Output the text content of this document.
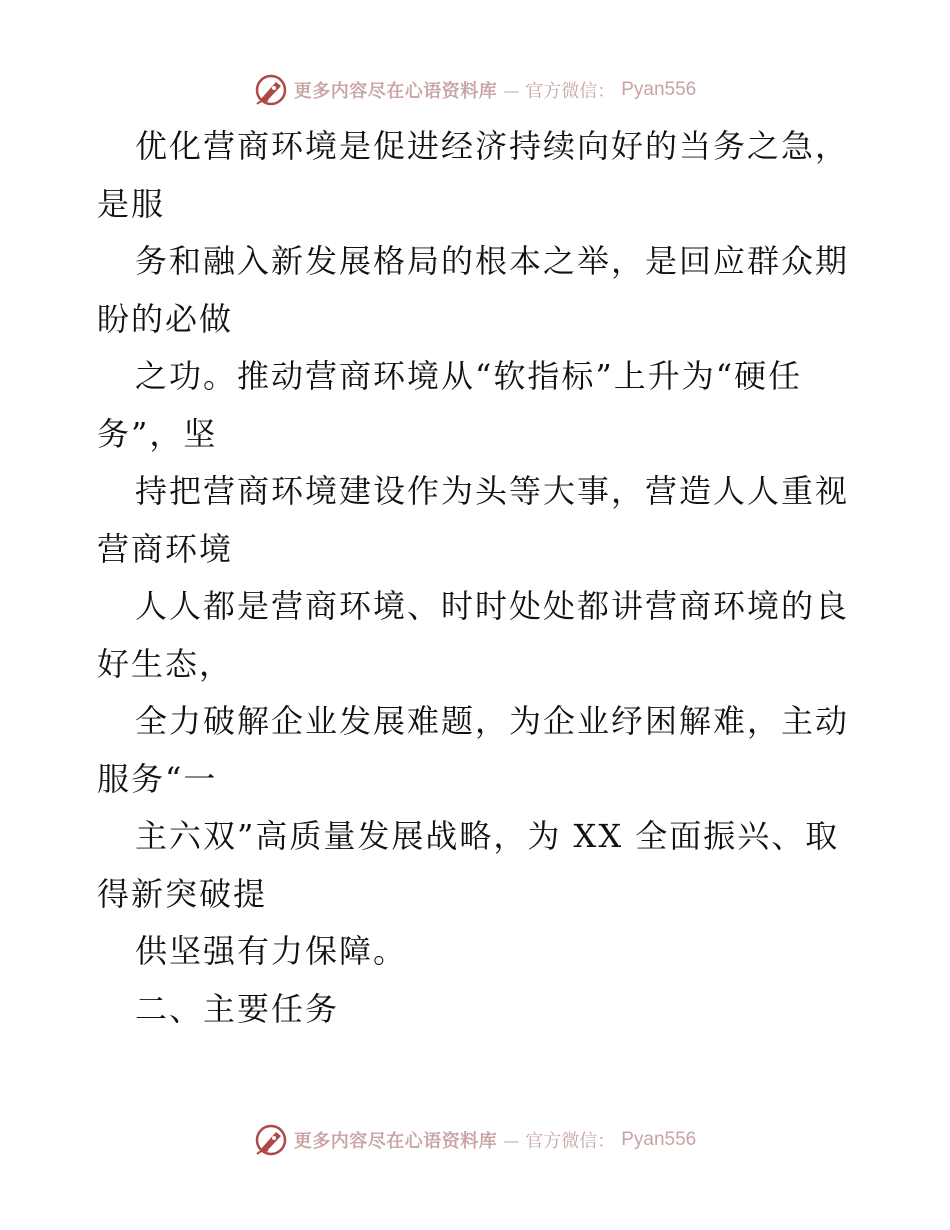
更多内容尽在心语资料库 — 官方微信： Pyan556
优化营商环境是促进经济持续向好的当务之急，
是服
务和融入新发展格局的根本之举，是回应群众期
盼的必做
之功。推动营商环境从“软指标”上升为“硬任
务”，坚
持把营商环境建设作为头等大事，营造人人重视
营商环境
人人都是营商环境、时时处处都讲营商环境的良
好生态，
全力破解企业发展难题，为企业纾困解难，主动
服务“一
主六双”高质量发展战略，为 XX 全面振兴、取
得新突破提
供坚强有力保障。
二、主要任务
更多内容尽在心语资料库 — 官方微信： Pyan556
